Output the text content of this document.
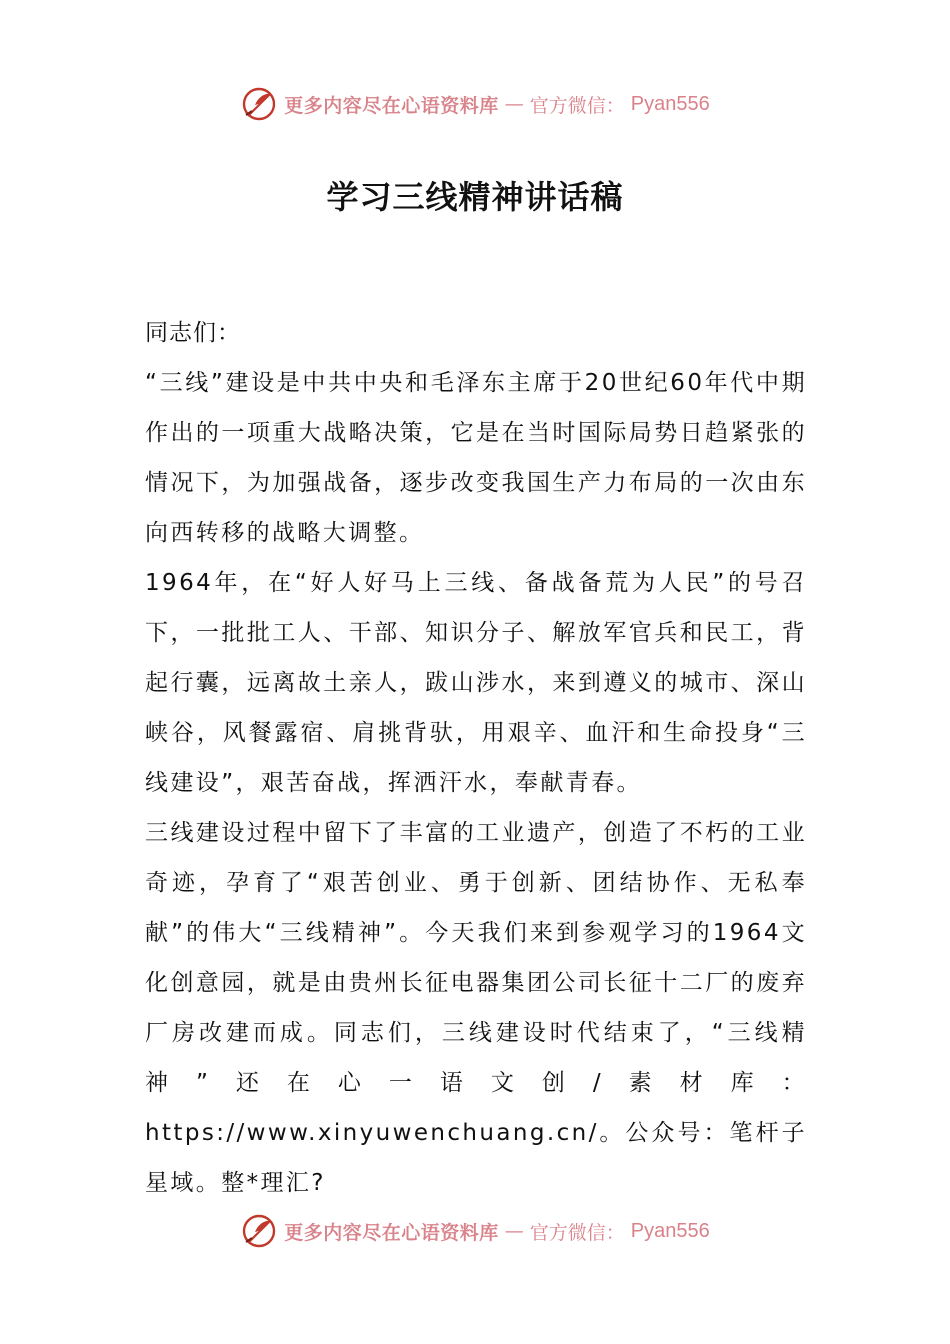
更多内容尽在心语资料库 — 官方微信： Pyan556
学习三线精神讲话稿

同志们：

“三线”建设是中共中央和毛泽东主席于20世纪60年代中期作出的一项重大战略决策，它是在当时国际局势日趋紧张的情况下，为加强战备，逐步改变我国生产力布局的一次由东向西转移的战略大调整。

1964年，在“好人好马上三线、备战备荒为人民”的号召下，一批批工人、干部、知识分子、解放军官兵和民工，背起行囊，远离故土亲人，跋山涉水，来到遵义的城市、深山峡谷，风餐露宿、肩挑背驮，用艰辛、血汗和生命投身“三线建设”，艰苦奋战，挥洒汗水，奉献青春。

三线建设过程中留下了丰富的工业遗产，创造了不朽的工业奇迹，孕育了“艰苦创业、勇于创新、团结协作、无私奉献”的伟大“三线精神”。今天我们来到参观学习的1964文化创意园，就是由贵州长征电器集团公司长征十二厂的废弃厂房改建而成。同志们，三线建设时代结束了，“三线精神”还在心一语文创/素材库：https://www.xinyuwenchuang.cn/。公众号：笔杆子星域。整*理汇?

更多内容尽在心语资料库 — 官方微信： Pyan556
